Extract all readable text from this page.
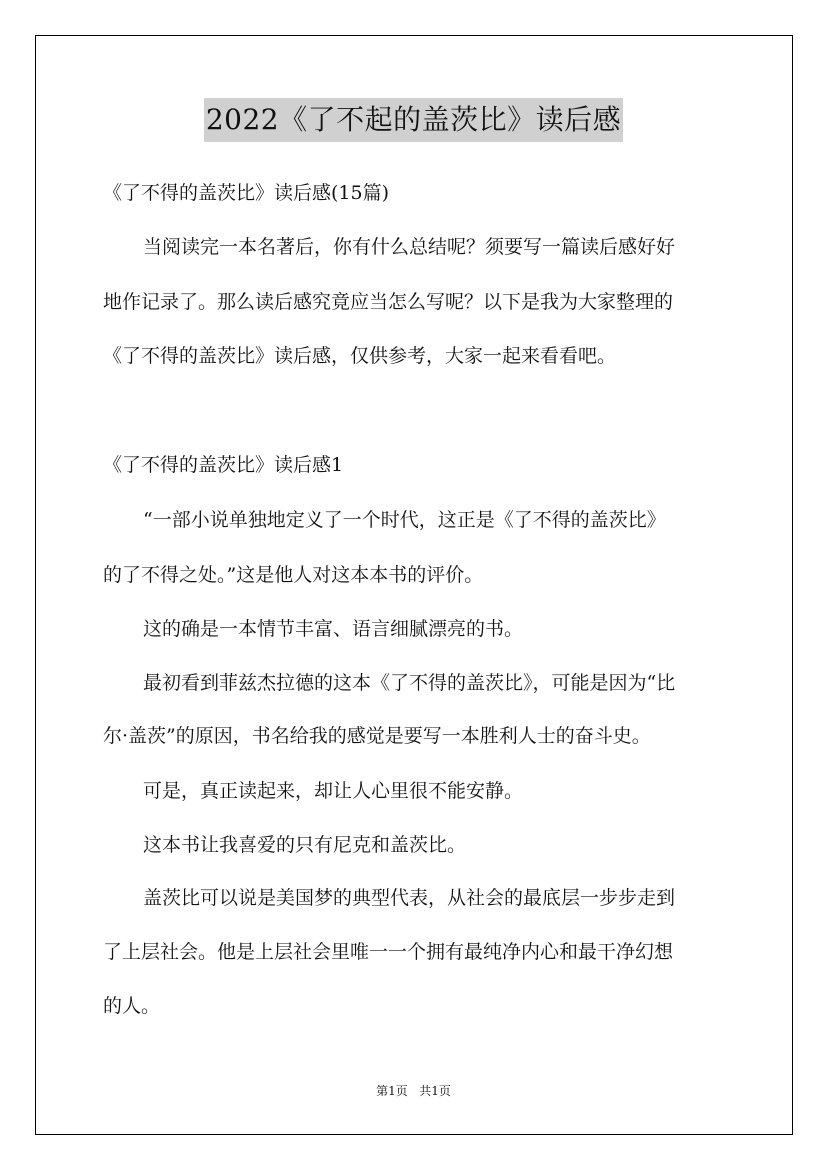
2022《了不起的盖茨比》读后感
《了不得的盖茨比》读后感(15篇)
当阅读完一本名著后，你有什么总结呢？须要写一篇读后感好好
地作记录了。那么读后感究竟应当怎么写呢？以下是我为大家整理的
《了不得的盖茨比》读后感，仅供参考，大家一起来看看吧。
《了不得的盖茨比》读后感1
“一部小说单独地定义了一个时代，这正是《了不得的盖茨比》
的了不得之处。”这是他人对这本本书的评价。
这的确是一本情节丰富、语言细腻漂亮的书。
最初看到菲兹杰拉德的这本《了不得的盖茨比》，可能是因为“比
尔·盖茨”的原因，书名给我的感觉是要写一本胜利人士的奋斗史。
可是，真正读起来，却让人心里很不能安静。
这本书让我喜爱的只有尼克和盖茨比。
盖茨比可以说是美国梦的典型代表，从社会的最底层一步步走到
了上层社会。他是上层社会里唯一一个拥有最纯净内心和最干净幻想
的人。
第1页 共1页
